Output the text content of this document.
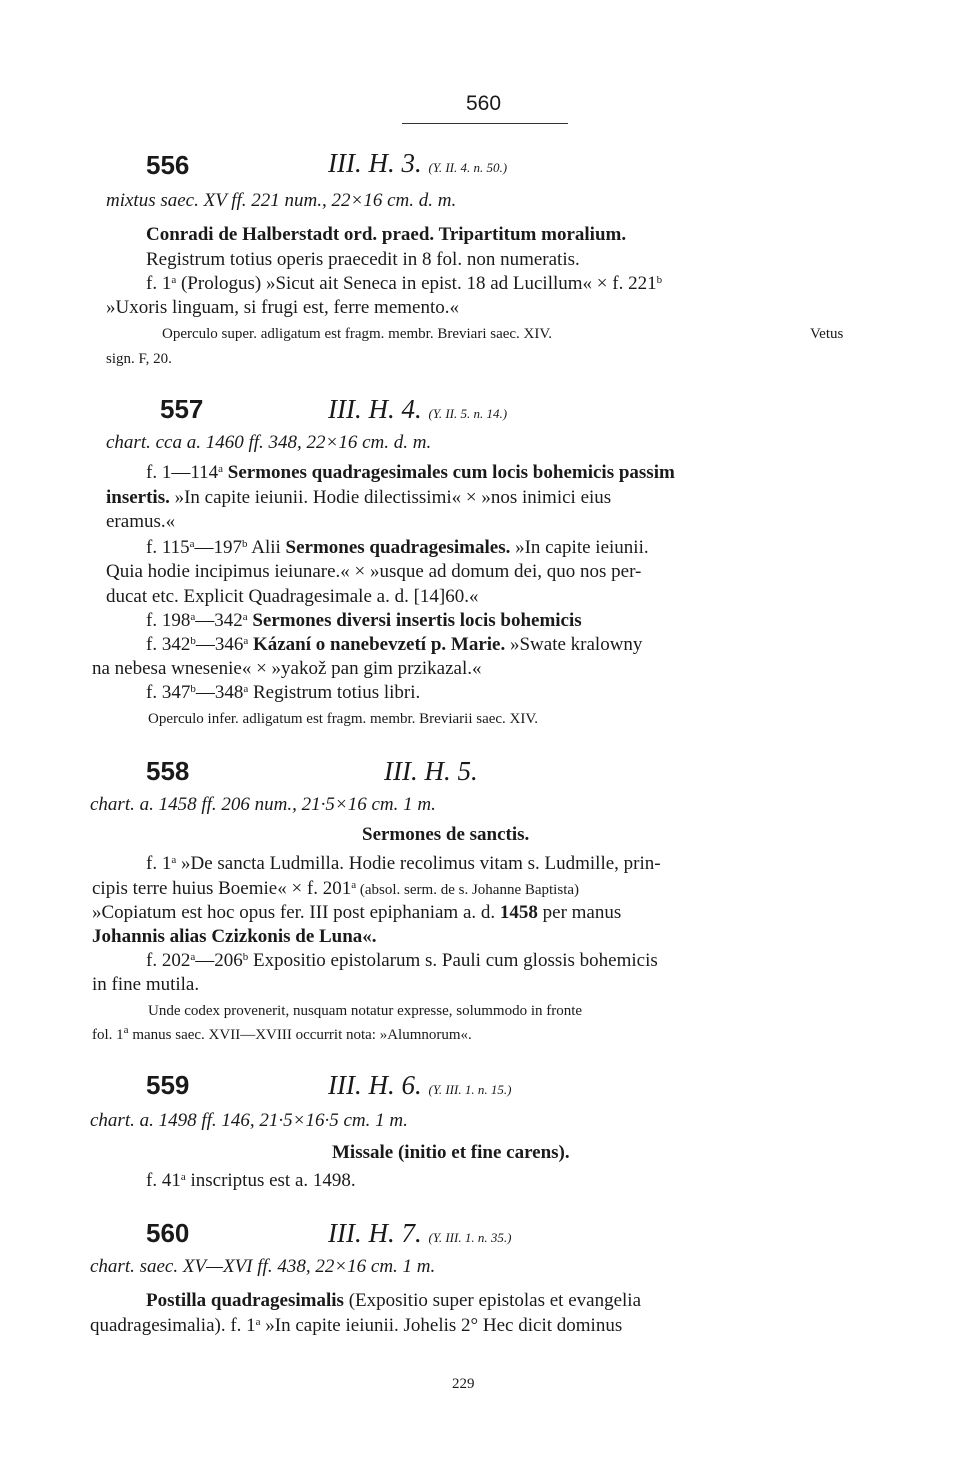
560
556	III. H. 3. (Y. II. 4. n. 50.)
mixtus saec. XV ff. 221 num., 22×16 cm. d. m.
Conradi de Halberstadt ord. praed. Tripartitum moralium.
Registrum totius operis praecedit in 8 fol. non numeratis.
f. 1$^a$ (Prologus) »Sicut ait Seneca in epist. 18 ad Lucillum« × f. 221$^b$
»Uxoris linguam, si frugi est, ferre memento.«
Operculo super. adligatum est fragm. membr. Breviari saec. XIV.	Vetus
sign. F, 20.
557	III. H. 4. (Y. II. 5. n. 14.)
chart. cca a. 1460 ff. 348, 22×16 cm. d. m.
f. 1—114$^a$ Sermones quadragesimales cum locis bohemicis passim
insertis. »In capite ieiunii. Hodie dilectissimi« × »nos inimici eius
eramus.«
f. 115$^a$—197$^b$ Alii Sermones quadragesimales. »In capite ieiunii.
Quia hodie incipimus ieiunare.« × »usque ad domum dei, quo nos per-
ducat etc. Explicit Quadragesimale a. d. [14]60.«
f. 198$^a$—342$^a$ Sermones diversi insertis locis bohemicis
f. 342$^b$—346$^a$ Kázaní o nanebevzetí p. Marie. »Swate kralowny
na nebesa wnesenie« × »yakož pan gim przikazal.«
f. 347$^b$—348$^a$ Registrum totius libri.
Operculo infer. adligatum est fragm. membr. Breviarii saec. XIV.
558	III. H. 5.
chart. a. 1458 ff. 206 num., 21·5×16 cm. 1 m.
Sermones de sanctis.
f. 1$^a$ »De sancta Ludmilla. Hodie recolimus vitam s. Ludmille, prin-
cipis terre huius Boemie« × f. 201$^a$ (absol. serm. de s. Johanne Baptista)
»Copiatum est hoc opus fer. III post epiphaniam a. d. 1458 per manus
Johannis alias Czizkonis de Luna«.
f. 202$^a$—206$^b$ Expositio epistolarum s. Pauli cum glossis bohemicis
in fine mutila.
Unde codex provenerit, nusquam notatur expresse, solummodo in fronte
fol. 1$^a$ manus saec. XVII—XVIII occurrit nota: »Alumnorum«.
559	III. H. 6. (Y. III. 1. n. 15.)
chart. a. 1498 ff. 146, 21·5×16·5 cm. 1 m.
Missale (initio et fine carens).
f. 41$^a$ inscriptus est a. 1498.
560	III. H. 7. (Y. III. 1. n. 35.)
chart. saec. XV—XVI ff. 438, 22×16 cm. 1 m.
Postilla quadragesimalis (Expositio super epistolas et evangelia
quadragesimalia). f. 1$^a$ »In capite ieiunii. Johelis 2° Hec dicit dominus
229
